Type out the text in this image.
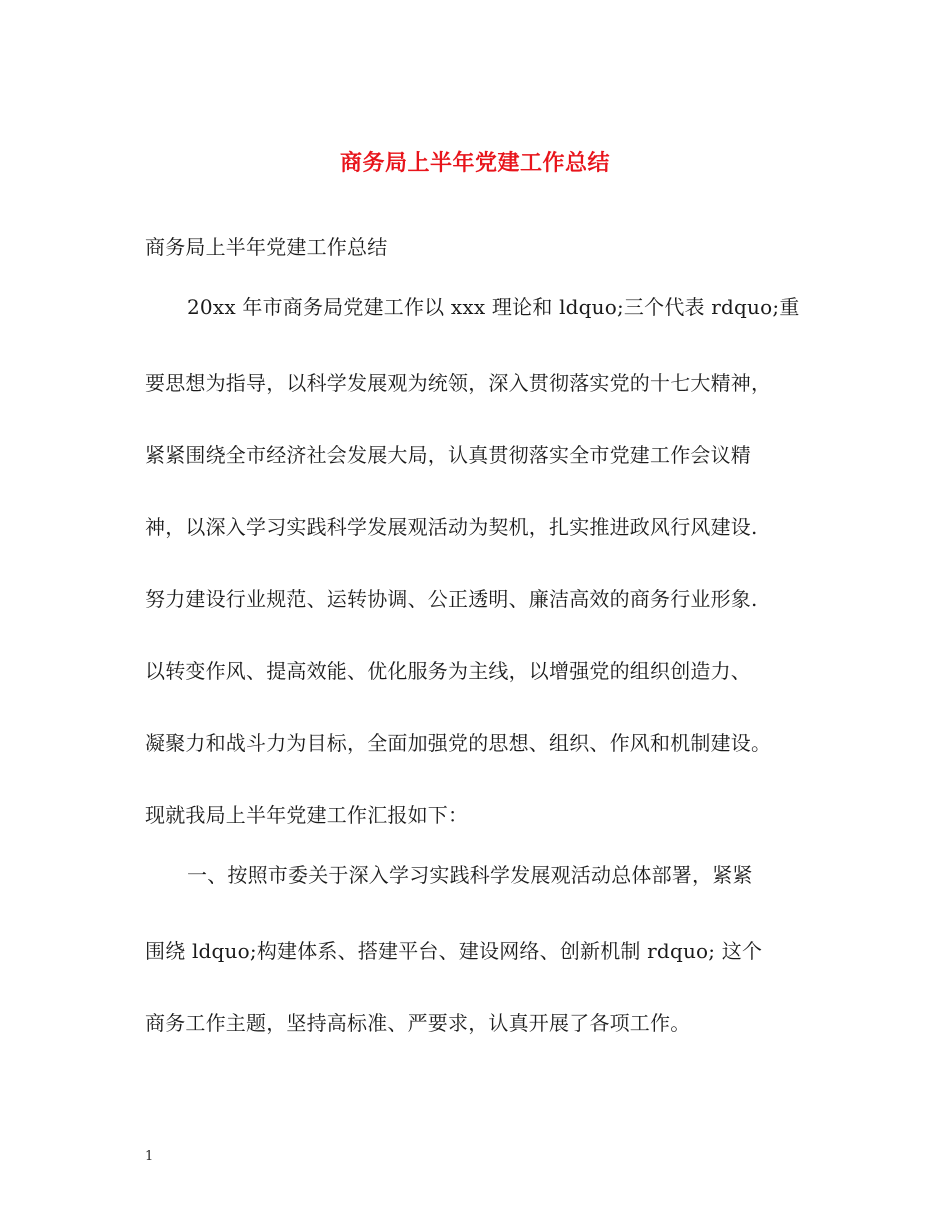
商务局上半年党建工作总结
商务局上半年党建工作总结
20xx 年市商务局党建工作以 xxx 理论和 ldquo;三个代表 rdquo;重
要思想为指导，以科学发展观为统领，深入贯彻落实党的十七大精神，
紧紧围绕全市经济社会发展大局，认真贯彻落实全市党建工作会议精
神，以深入学习实践科学发展观活动为契机，扎实推进政风行风建设.
努力建设行业规范、运转协调、公正透明、廉洁高效的商务行业形象.
以转变作风、提高效能、优化服务为主线，以增强党的组织创造力、
凝聚力和战斗力为目标，全面加强党的思想、组织、作风和机制建设。
现就我局上半年党建工作汇报如下：
一、按照市委关于深入学习实践科学发展观活动总体部署，紧紧
围绕 ldquo;构建体系、搭建平台、建设网络、创新机制 rdquo; 这个
商务工作主题，坚持高标准、严要求，认真开展了各项工作。
1
